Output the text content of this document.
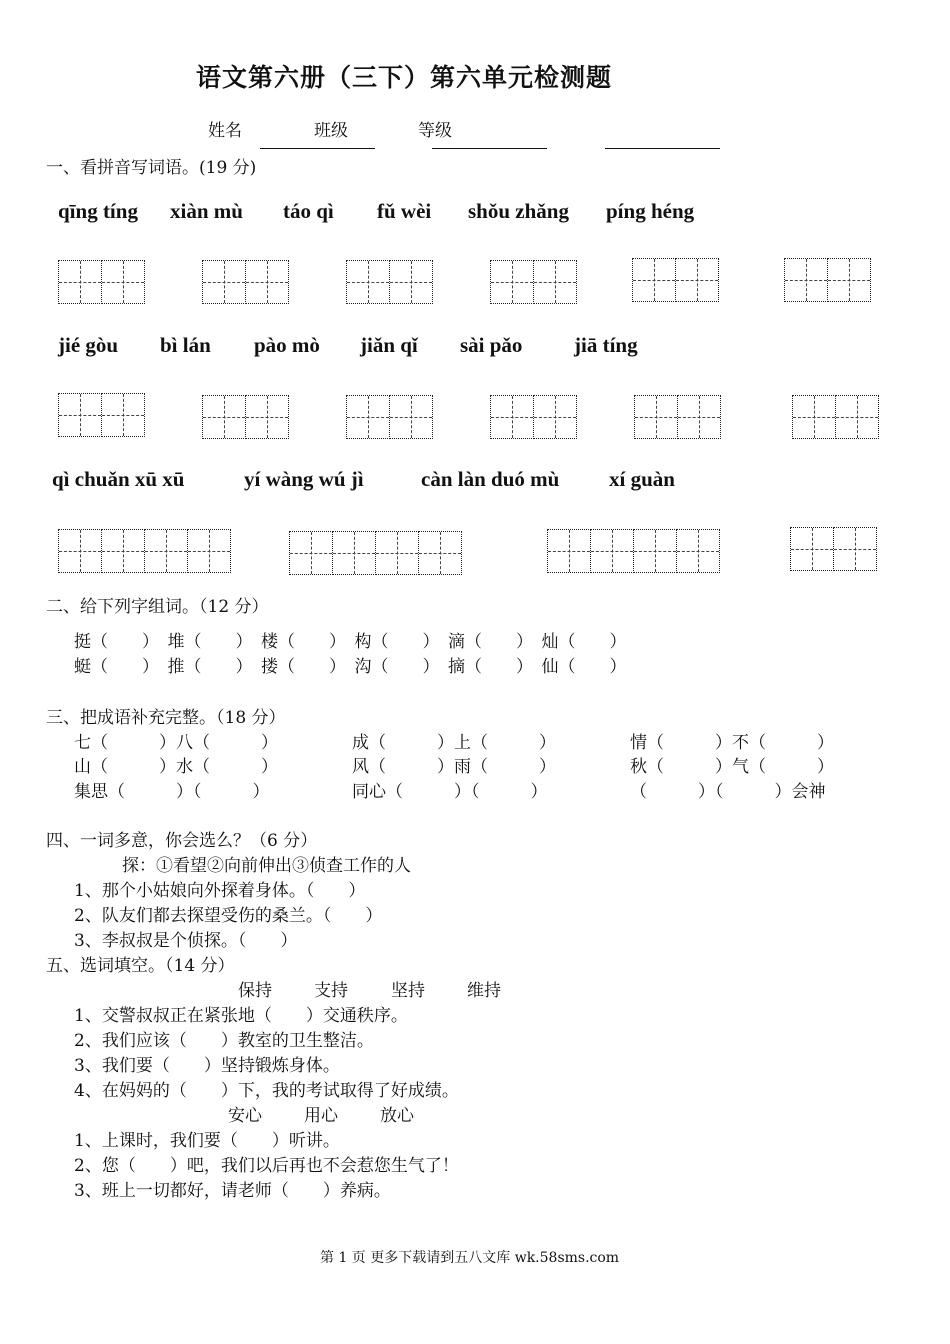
语文第六册（三下）第六单元检测题
姓名	班级	等级
一、看拼音写词语。(19 分)
qīng tíng xiàn mù táo qì fǔ wèi shǒu zhǎng píng héng
jié gòu bì lán pào mò jiǎn qǐ sài pǎo jiā tíng
qì chuǎn xū xū	yí wàng wú jì	càn làn duó mù xí guàn
二、给下列字组词。（12 分）
挺（　　）　堆（　　）　楼（　　）　构（　　）　滴（　　）　灿（　　）
蜓（　　）　推（　　）　搂（　　）　沟（　　）　摘（　　）　仙（　　）
三、把成语补充完整。（18 分）
七（　　　）八（　　　）	成（　　　）上（　　　）	情（　　　）不（　　　）
山（　　　）水（　　　）	风（　　　）雨（　　　）	秋（　　　）气（　　　）
集思（　　　）（　　　）	同心（　　　）（　　　）	（　　　）（　　　）会神
四、一词多意，你会选么？（6 分）
探：①看望②向前伸出③侦查工作的人
1、那个小姑娘向外探着身体。（　　）
2、队友们都去探望受伤的桑兰。（　　）
3、李叔叔是个侦探。（　　）
五、选词填空。（14 分）
保持 支持	坚持 维持
1、交警叔叔正在紧张地（　　）交通秩序。
2、我们应该（　　）教室的卫生整洁。
3、我们要（　　）坚持锻炼身体。
4、在妈妈的（　　）下，我的考试取得了好成绩。
安心 用心 放心
1、上课时，我们要（　　）听讲。
2、您（　　）吧，我们以后再也不会惹您生气了！
3、班上一切都好，请老师（　　）养病。
第 1 页 更多下载请到五八文库 wk.58sms.com
